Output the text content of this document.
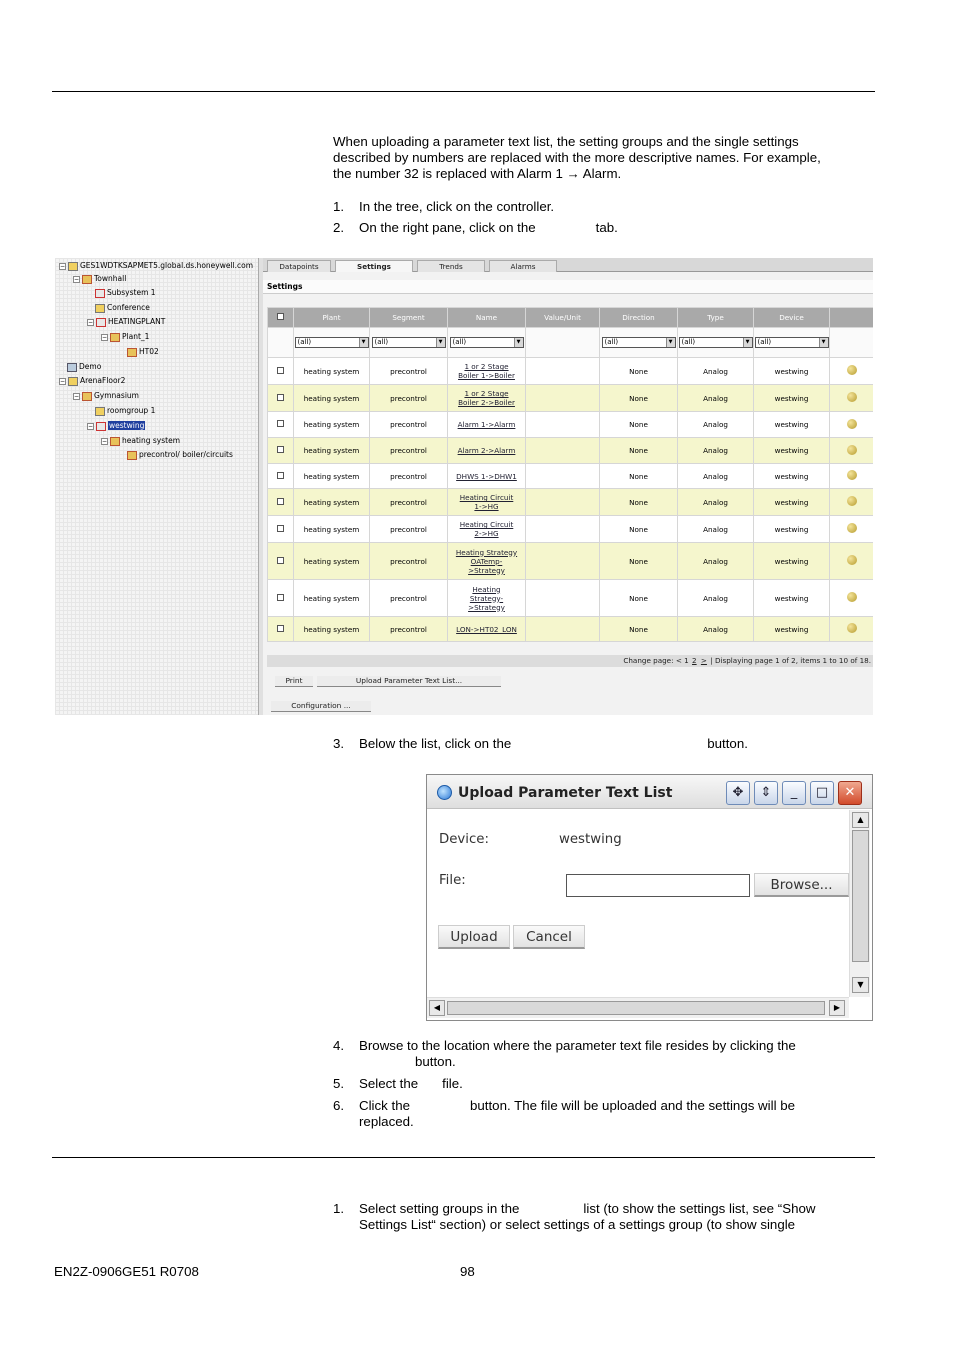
When uploading a parameter text list, the setting groups and the single settings
described by numbers are replaced with the more descriptive names. For example,
the number 32 is replaced with Alarm 1 → Alarm.
1. In the tree, click on the controller.
2. On the right pane, click on the	tab.
− GES1WDTKSAPMET5.global.ds.honeywell.com
− Townhall
Subsystem 1
Conference
− HEATINGPLANT
− Plant_1
HT02
Demo
− ArenaFloor2
− Gymnasium
roomgroup 1
− westwing
− heating system
precontrol/ boiler/circuits
Datapoints	Settings	Trends	Alarms
Settings
	Plant	Segment	Name	Value/Unit	Direction	Type	Device	
	(all) ▼	(all) ▼	(all) ▼		(all) ▼	(all) ▼	(all) ▼	

	heating system	precontrol	1 or 2 Stage
Boiler 1->Boiler		None	Analog	westwing	
	heating system	precontrol	1 or 2 Stage
Boiler 2->Boiler		None	Analog	westwing	
	heating system	precontrol	Alarm 1->Alarm		None	Analog	westwing	
	heating system	precontrol	Alarm 2->Alarm		None	Analog	westwing	
	heating system	precontrol	DHWS 1->DHW1		None	Analog	westwing	
	heating system	precontrol	Heating Circuit
1->HG		None	Analog	westwing	
	heating system	precontrol	Heating Circuit
2->HG		None	Analog	westwing	
	heating system	precontrol	Heating Strategy
OATemp-
>Strategy		None	Analog	westwing	
	heating system	precontrol	Heating
Strategy-
>Strategy		None	Analog	westwing	
	heating system	precontrol	LON->HT02_LON		None	Analog	westwing	
Change page: < 1 2 > | Displaying page 1 of 2, items 1 to 10 of 18.
Print	Upload Parameter Text List...
Configuration ...
3. Below the list, click on the	button.
Upload Parameter Text List	✥	⇕	_	□	✕
Device:	westwing
File:	Browse...
Upload	Cancel
▲
▼
◀	▶
4. Browse to the location where the parameter text file resides by clicking the
button.
5. Select the file.
6. Click the	button. The file will be uploaded and the settings will be
replaced.
1. Select setting groups in the	list (to show the settings list, see “Show
Settings List“ section) or select settings of a settings group (to show single
EN2Z-0906GE51 R0708	98
